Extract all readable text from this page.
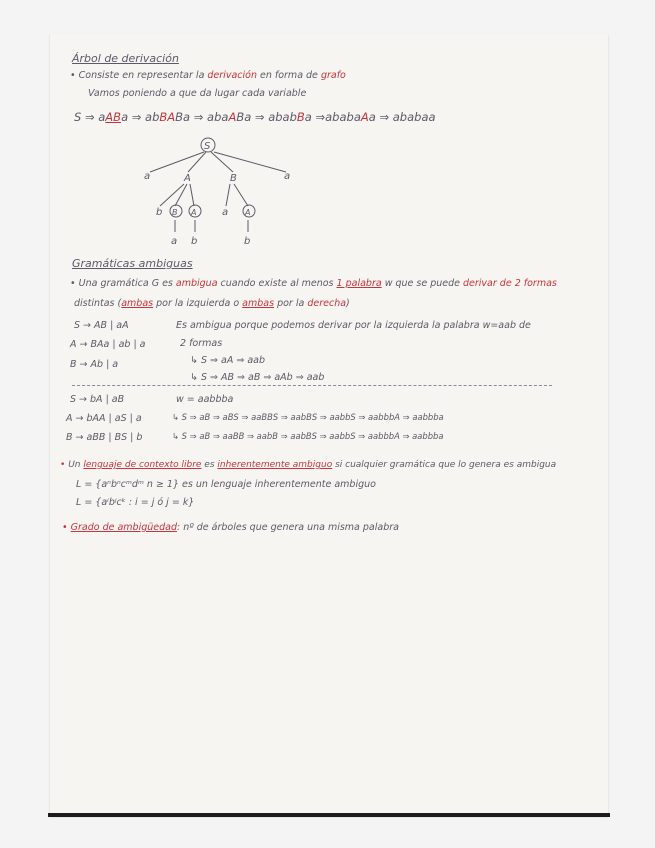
Árbol de derivación
• Consiste en representar la derivación en forma de grafo
Vamos poniendo a que da lugar cada variable
S ⇒ aABa ⇒ abBABa ⇒ abaABa ⇒ ababBa ⇒ababaAa ⇒ ababaa
S
a	A	B	a
b B A	a A
a b	b
Gramáticas ambiguas
• Una gramática G es ambigua cuando existe al menos 1 palabra w que se puede derivar de 2 formas
distintas (ambas por la izquierda o ambas por la derecha)
S → AB | aA
A → BAa | ab | a
B → Ab | a
Es ambigua porque podemos derivar por la izquierda la palabra w=aab de
2 formas
↳ S ⇒ aA ⇒ aab
↳ S ⇒ AB ⇒ aB ⇒ aAb ⇒ aab
S → bA | aB
A → bAA | aS | a
B → aBB | BS | b
w = aabbba
↳ S ⇒ aB ⇒ aBS ⇒ aaBBS ⇒ aabBS ⇒ aabbS ⇒ aabbbA ⇒ aabbba
↳ S ⇒ aB ⇒ aaBB ⇒ aabB ⇒ aabBS ⇒ aabbS ⇒ aabbbA ⇒ aabbba
• Un lenguaje de contexto libre es inherentemente ambiguo si cualquier gramática que lo genera es ambigua
L = {aⁿbⁿcᵐdᵐ n ≥ 1} es un lenguaje inherentemente ambiguo
L = {aⁱbʲcᵏ : i = j ó j = k}
• Grado de ambigüedad: nº de árboles que genera una misma palabra
